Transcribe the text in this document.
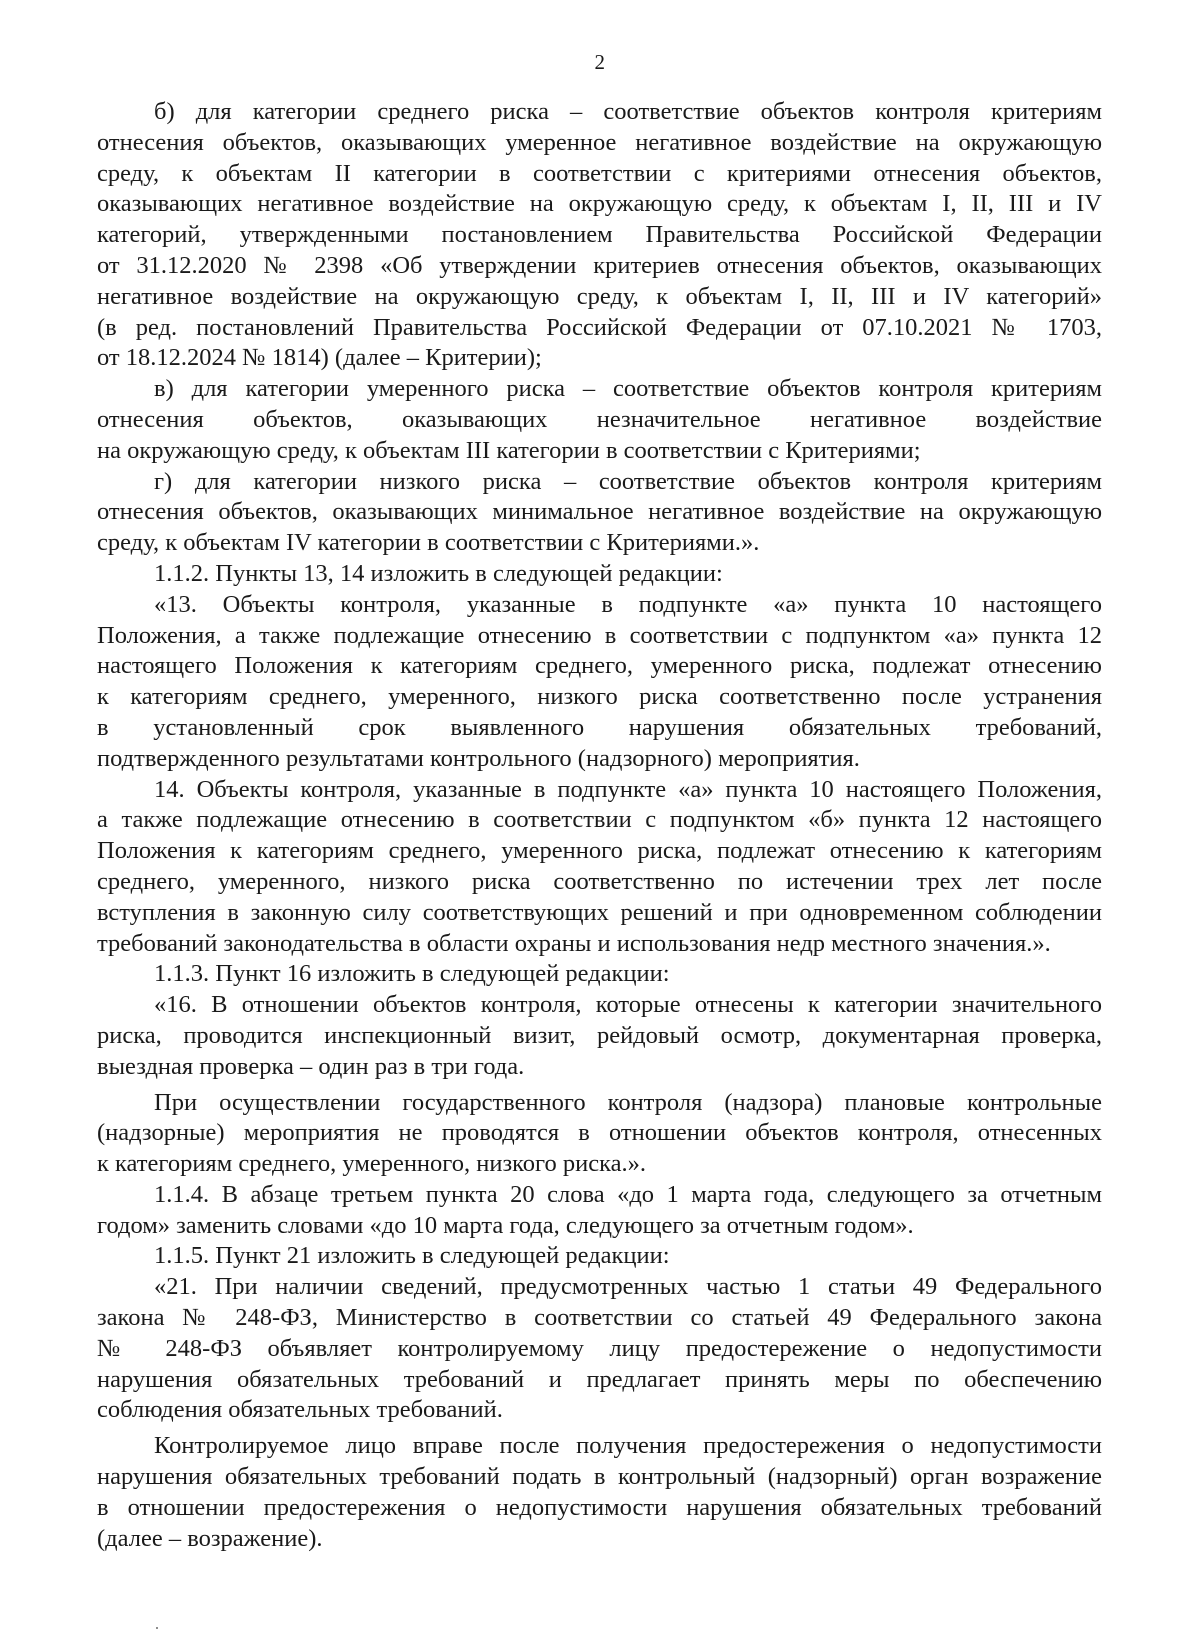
2
б) для категории среднего риска – соответствие объектов контроля критериям
отнесения объектов, оказывающих умеренное негативное воздействие на окружающую
среду, к объектам II категории в соответствии с критериями отнесения объектов,
оказывающих негативное воздействие на окружающую среду, к объектам I, II, III и IV
категорий, утвержденными постановлением Правительства Российской Федерации
от 31.12.2020 № 2398 «Об утверждении критериев отнесения объектов, оказывающих
негативное воздействие на окружающую среду, к объектам I, II, III и IV категорий»
(в ред. постановлений Правительства Российской Федерации от 07.10.2021 № 1703,
от 18.12.2024 № 1814) (далее – Критерии);
в) для категории умеренного риска – соответствие объектов контроля критериям
отнесения объектов, оказывающих незначительное негативное воздействие
на окружающую среду, к объектам III категории в соответствии с Критериями;
г) для категории низкого риска – соответствие объектов контроля критериям
отнесения объектов, оказывающих минимальное негативное воздействие на окружающую
среду, к объектам IV категории в соответствии с Критериями.».
1.1.2. Пункты 13, 14 изложить в следующей редакции:
«13. Объекты контроля, указанные в подпункте «а» пункта 10 настоящего
Положения, а также подлежащие отнесению в соответствии с подпунктом «а» пункта 12
настоящего Положения к категориям среднего, умеренного риска, подлежат отнесению
к категориям среднего, умеренного, низкого риска соответственно после устранения
в установленный срок выявленного нарушения обязательных требований,
подтвержденного результатами контрольного (надзорного) мероприятия.
14. Объекты контроля, указанные в подпункте «а» пункта 10 настоящего Положения,
а также подлежащие отнесению в соответствии с подпунктом «б» пункта 12 настоящего
Положения к категориям среднего, умеренного риска, подлежат отнесению к категориям
среднего, умеренного, низкого риска соответственно по истечении трех лет после
вступления в законную силу соответствующих решений и при одновременном соблюдении
требований законодательства в области охраны и использования недр местного значения.».
1.1.3. Пункт 16 изложить в следующей редакции:
«16. В отношении объектов контроля, которые отнесены к категории значительного
риска, проводится инспекционный визит, рейдовый осмотр, документарная проверка,
выездная проверка – один раз в три года.
При осуществлении государственного контроля (надзора) плановые контрольные
(надзорные) мероприятия не проводятся в отношении объектов контроля, отнесенных
к категориям среднего, умеренного, низкого риска.».
1.1.4. В абзаце третьем пункта 20 слова «до 1 марта года, следующего за отчетным
годом» заменить словами «до 10 марта года, следующего за отчетным годом».
1.1.5. Пункт 21 изложить в следующей редакции:
«21. При наличии сведений, предусмотренных частью 1 статьи 49 Федерального
закона № 248-ФЗ, Министерство в соответствии со статьей 49 Федерального закона
№ 248-ФЗ объявляет контролируемому лицу предостережение о недопустимости
нарушения обязательных требований и предлагает принять меры по обеспечению
соблюдения обязательных требований.
Контролируемое лицо вправе после получения предостережения о недопустимости
нарушения обязательных требований подать в контрольный (надзорный) орган возражение
в отношении предостережения о недопустимости нарушения обязательных требований
(далее – возражение).
